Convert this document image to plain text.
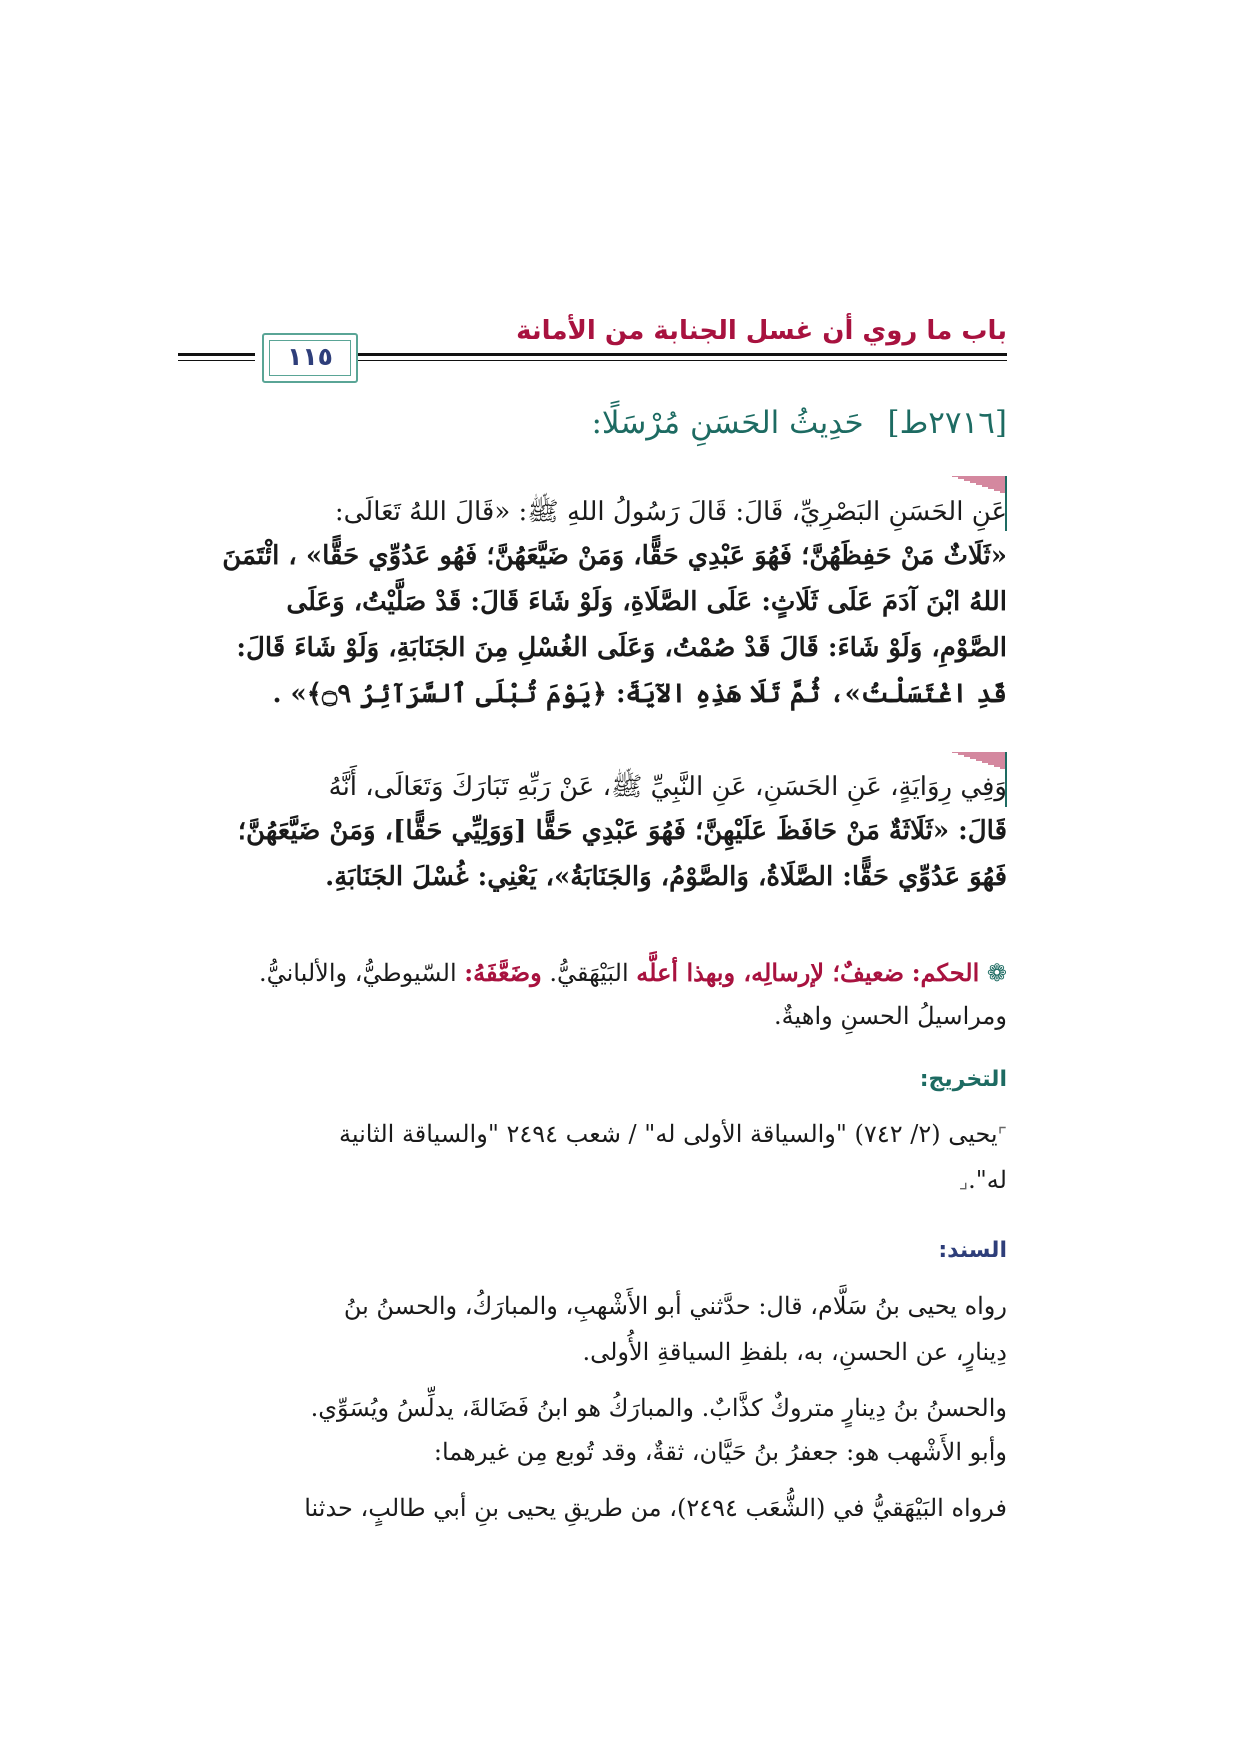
باب ما روي أن غسل الجنابة من الأمانة
١١٥
[٢٧١٦ط] حَدِيثُ الحَسَنِ مُرْسَلًا:
عَنِ الحَسَنِ البَصْرِيِّ، قَالَ: قَالَ رَسُولُ اللهِ ﷺ: «قَالَ اللهُ تَعَالَى:
«ثَلَاثٌ مَنْ حَفِظَهُنَّ؛ فَهُوَ عَبْدِي حَقًّا، وَمَنْ ضَيَّعَهُنَّ؛ فَهُو عَدُوِّي حَقًّا» ، ائْتَمَنَ
اللهُ ابْنَ آدَمَ عَلَى ثَلَاثٍ: عَلَى الصَّلَاةِ، وَلَوْ شَاءَ قَالَ: قَدْ صَلَّيْتُ، وَعَلَى
الصَّوْمِ، وَلَوْ شَاءَ: قَالَ قَدْ صُمْتُ، وَعَلَى الغُسْلِ مِنَ الجَنَابَةِ، وَلَوْ شَاءَ قَالَ:
قَدِ اغْتَسَلْتُ»، ثُمَّ تَلَا هَذِهِ الآيَةَ: ﴿يَوْمَ تُبْلَى ٱلسَّرَآئِرُ ۝٩﴾» .
وَفِي رِوَايَةٍ، عَنِ الحَسَنِ، عَنِ النَّبِيِّ ﷺ، عَنْ رَبِّهِ تَبَارَكَ وَتَعَالَى، أَنَّهُ
قَالَ: «ثَلَاثَةٌ مَنْ حَافَظَ عَلَيْهِنَّ؛ فَهُوَ عَبْدِي حَقًّا [وَوَلِيِّي حَقًّا]، وَمَنْ ضَيَّعَهُنَّ؛
فَهُوَ عَدُوِّي حَقًّا: الصَّلَاةُ، وَالصَّوْمُ، وَالجَنَابَةُ»، يَعْنِي: غُسْلَ الجَنَابَةِ.
❁ الحكم: ضعيفٌ؛ لإرسالِه، وبهذا أعلَّه البَيْهَقيُّ. وضَعَّفَهُ: السّيوطيُّ، والألبانيُّ.
ومراسيلُ الحسنِ واهيةٌ.
التخريج:
⌜يحيى (٢/ ٧٤٢) "والسياقة الأولى له" / شعب ٢٤٩٤ "والسياقة الثانية
له".⌟
السند:
رواه يحيى بنُ سَلَّام، قال: حدَّثني أبو الأَشْهبِ، والمبارَكُ، والحسنُ بنُ
دِينارٍ، عن الحسنِ، به، بلفظِ السياقةِ الأُولى.
والحسنُ بنُ دِينارٍ متروكٌ كذَّابٌ. والمبارَكُ هو ابنُ فَضَالةَ، يدلِّسُ ويُسَوِّي.
وأبو الأَشْهب هو: جعفرُ بنُ حَيَّان، ثقةٌ، وقد تُوبع مِن غيرهما:
فرواه البَيْهَقيُّ في (الشُّعَب ٢٤٩٤)، من طريقِ يحيى بنِ أبي طالبٍ، حدثنا
